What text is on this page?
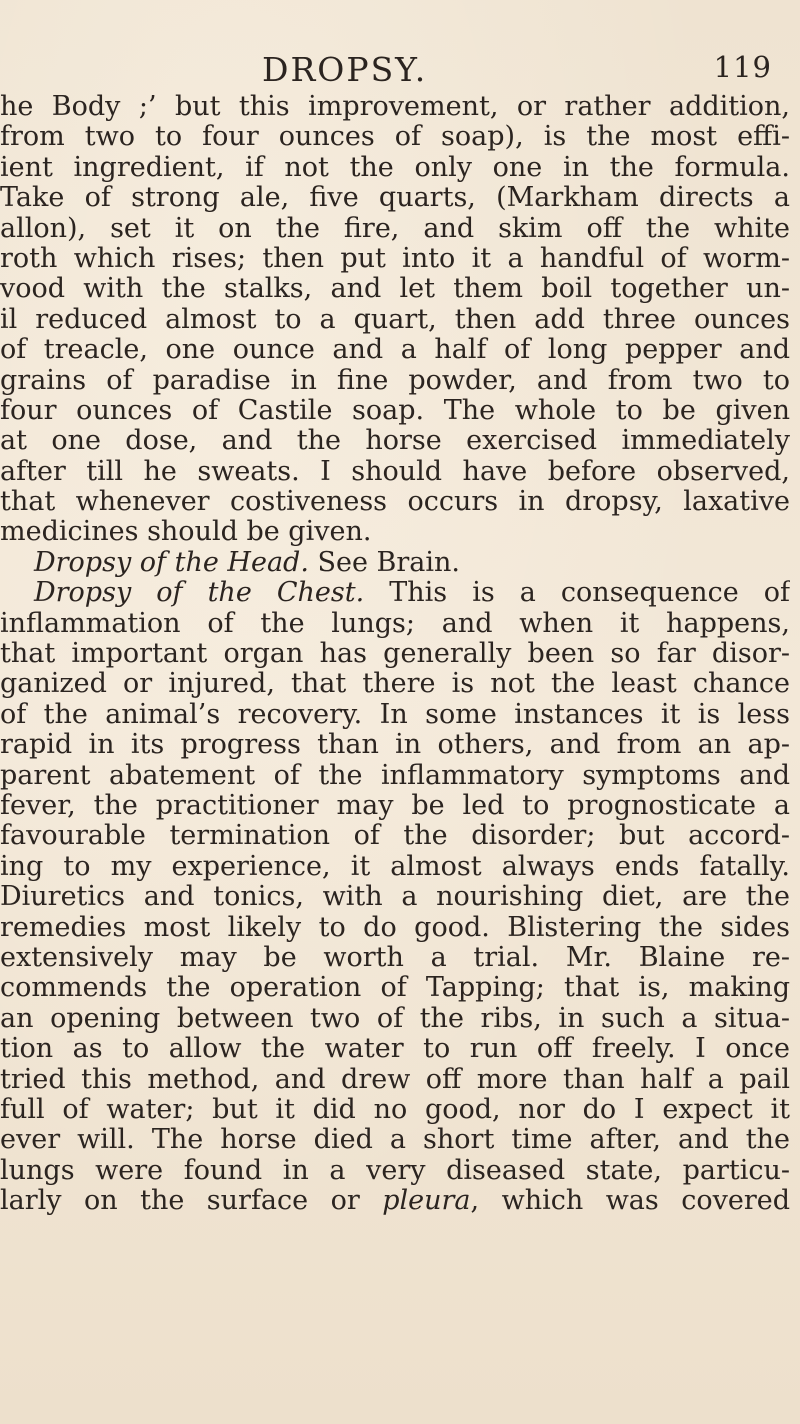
DROPSY.	119
he Body ;’ but this improvement, or rather addition,
from two to four ounces of soap), is the most effi-
ient ingredient, if not the only one in the formula.
Take of strong ale, five quarts, (Markham directs a
allon), set it on the fire, and skim off the white
roth which rises; then put into it a handful of worm-
vood with the stalks, and let them boil together un-
il reduced almost to a quart, then add three ounces
of treacle, one ounce and a half of long pepper and
grains of paradise in fine powder, and from two to
four ounces of Castile soap. The whole to be given
at one dose, and the horse exercised immediately
after till he sweats. I should have before observed,
that whenever costiveness occurs in dropsy, laxative
medicines should be given.
Dropsy of the Head. See Brain.
Dropsy of the Chest. This is a consequence of
inflammation of the lungs; and when it happens,
that important organ has generally been so far disor-
ganized or injured, that there is not the least chance
of the animal’s recovery. In some instances it is less
rapid in its progress than in others, and from an ap-
parent abatement of the inflammatory symptoms and
fever, the practitioner may be led to prognosticate a
favourable termination of the disorder; but accord-
ing to my experience, it almost always ends fatally.
Diuretics and tonics, with a nourishing diet, are the
remedies most likely to do good. Blistering the sides
extensively may be worth a trial. Mr. Blaine re-
commends the operation of Tapping; that is, making
an opening between two of the ribs, in such a situa-
tion as to allow the water to run off freely. I once
tried this method, and drew off more than half a pail
full of water; but it did no good, nor do I expect it
ever will. The horse died a short time after, and the
lungs were found in a very diseased state, particu-
larly on the surface or pleura, which was covered
